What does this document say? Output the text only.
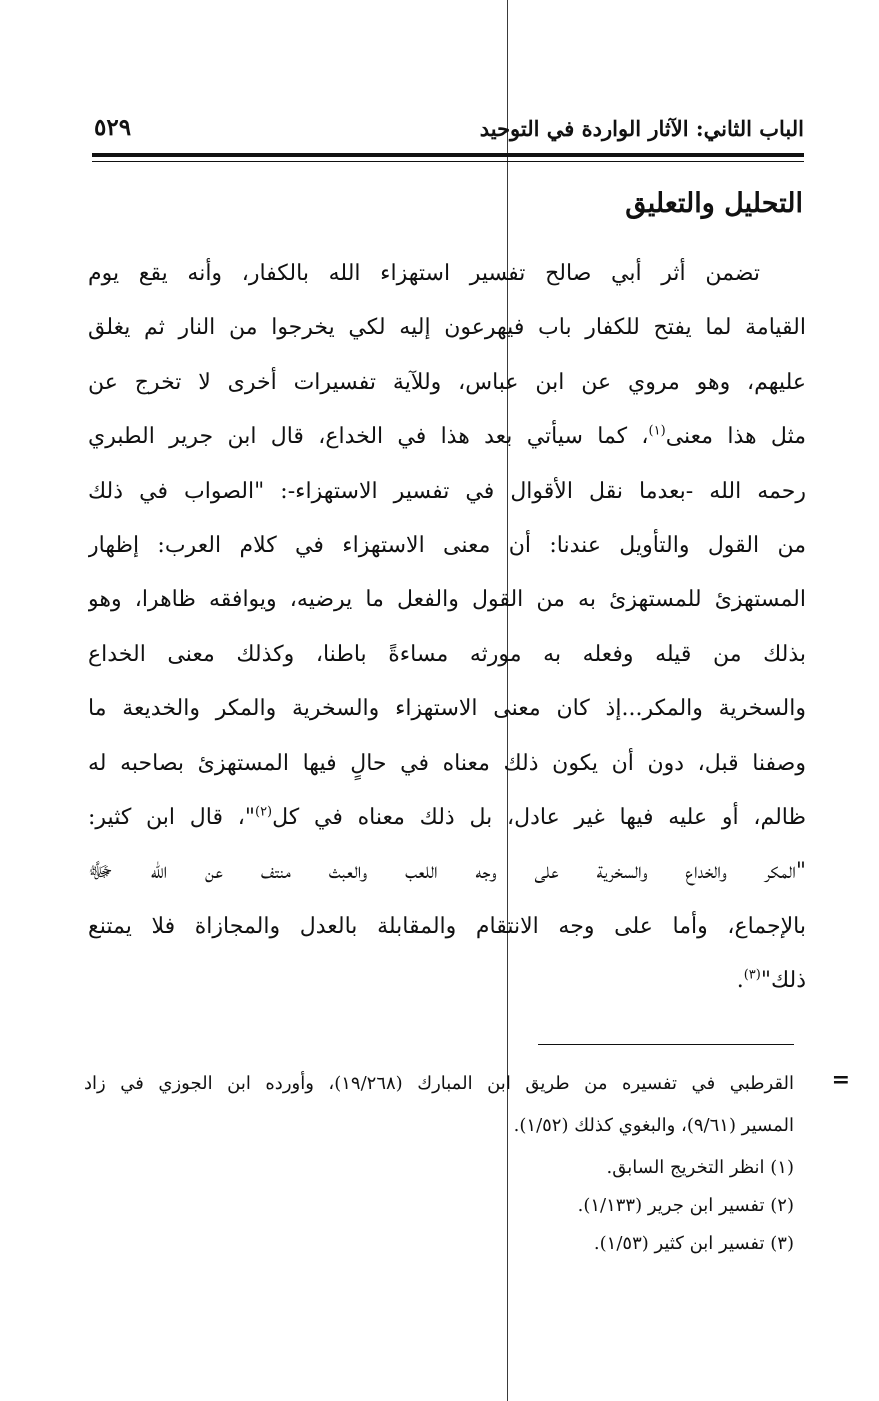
الباب الثاني: الآثار الواردة في التوحيد
٥٢٩
التحليل والتعليق
تضمن أثر أبي صالح تفسير استهزاء الله بالكفار، وأنه يقع يوم
القيامة لما يفتح للكفار باب فيهرعون إليه لكي يخرجوا من النار ثم يغلق
عليهم، وهو مروي عن ابن عباس، وللآية تفسيرات أخرى لا تخرج عن
مثل هذا معنى$^{(١)}$، كما سيأتي بعد هذا في الخداع، قال ابن جرير الطبري
رحمه الله -بعدما نقل الأقوال في تفسير الاستهزاء-: "الصواب في ذلك
من القول والتأويل عندنا: أن معنى الاستهزاء في كلام العرب: إظهار
المستهزئ للمستهزئ به من القول والفعل ما يرضيه، ويوافقه ظاهرا، وهو
بذلك من قيله وفعله به مورثه مساءةً باطنا، وكذلك معنى الخداع
والسخرية والمكر...إذ كان معنى الاستهزاء والسخرية والمكر والخديعة ما
وصفنا قبل، دون أن يكون ذلك معناه في حالٍ فيها المستهزئ بصاحبه له
ظالم، أو عليه فيها غير عادل، بل ذلك معناه في كل$^{(٢)}$"، قال ابن كثير:
"المكر والخداع والسخرية على وجه اللعب والعبث منتف عن الله ﷻ
بالإجماع، وأما على وجه الانتقام والمقابلة بالعدل والمجازاة فلا يمتنع
ذلك"$^{(٣)}$.
=
القرطبي في تفسيره من طريق ابن المبارك (١٩/٢٦٨)، وأورده ابن الجوزي في زاد
المسير (٩/٦١)، والبغوي كذلك (١/٥٢).
(١) انظر التخريج السابق.
(٢) تفسير ابن جرير (١/١٣٣).
(٣) تفسير ابن كثير (١/٥٣).
